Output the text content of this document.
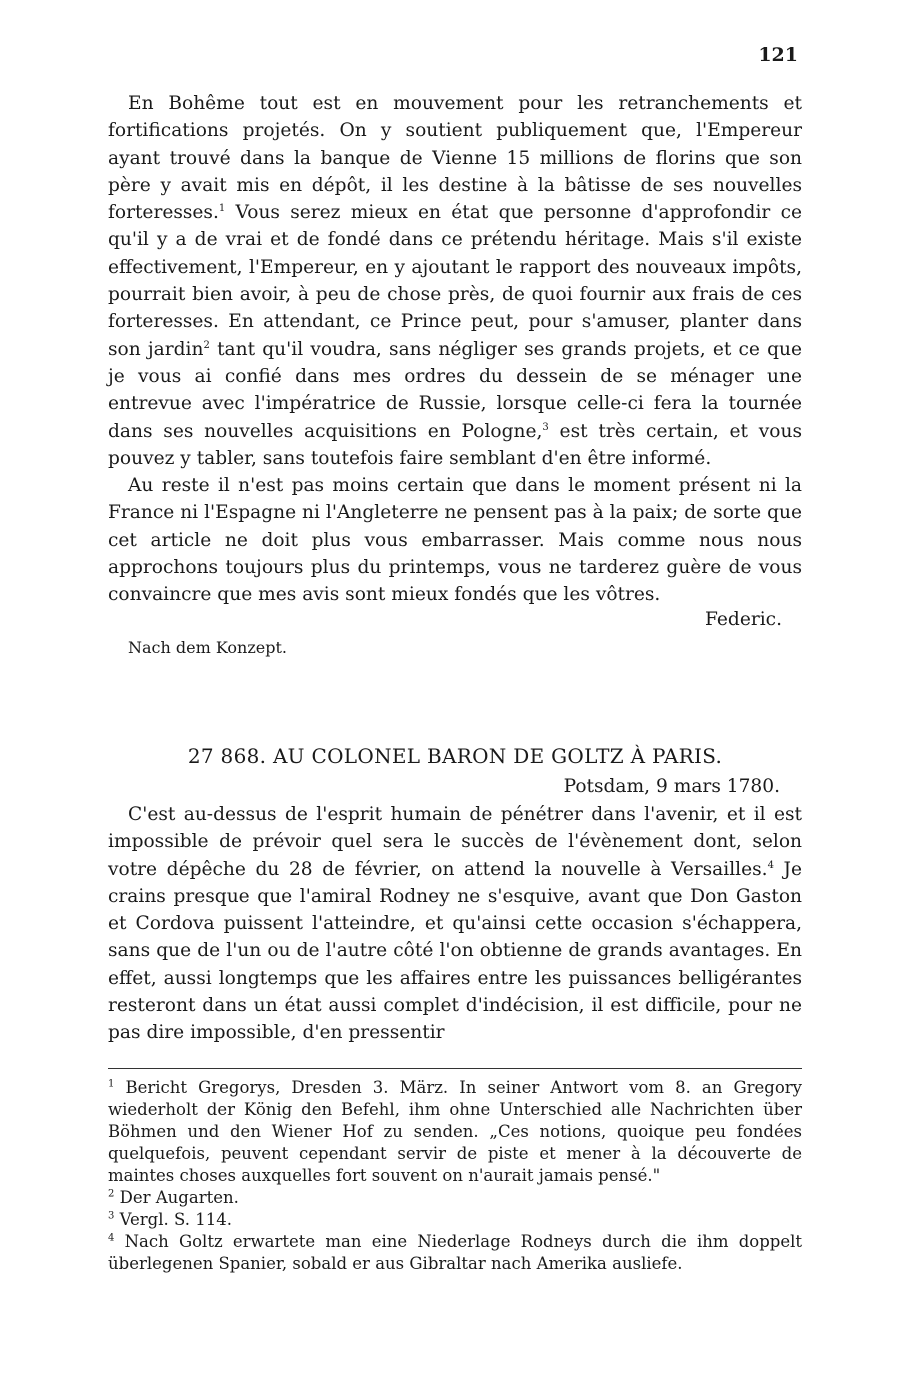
121

En Bohême tout est en mouvement pour les retranchements et fortifications projetés. On y soutient publiquement que, l'Empereur ayant trouvé dans la banque de Vienne 15 millions de florins que son père y avait mis en dépôt, il les destine à la bâtisse de ses nouvelles forteresses.$^1$ Vous serez mieux en état que personne d'approfondir ce qu'il y a de vrai et de fondé dans ce prétendu héritage. Mais s'il existe effectivement, l'Empereur, en y ajoutant le rapport des nouveaux impôts, pourrait bien avoir, à peu de chose près, de quoi fournir aux frais de ces forteresses. En attendant, ce Prince peut, pour s'amuser, planter dans son jardin$^2$ tant qu'il voudra, sans négliger ses grands projets, et ce que je vous ai confié dans mes ordres du dessein de se ménager une entrevue avec l'impératrice de Russie, lorsque celle-ci fera la tournée dans ses nouvelles acquisitions en Pologne,$^3$ est très certain, et vous pouvez y tabler, sans toutefois faire semblant d'en être informé.

Au reste il n'est pas moins certain que dans le moment présent ni la France ni l'Espagne ni l'Angleterre ne pensent pas à la paix; de sorte que cet article ne doit plus vous embarrasser. Mais comme nous nous approchons toujours plus du printemps, vous ne tarderez guère de vous convaincre que mes avis sont mieux fondés que les vôtres.

Federic.

Nach dem Konzept.

27 868. AU COLONEL BARON DE GOLTZ À PARIS.

Potsdam, 9 mars 1780.

C'est au-dessus de l'esprit humain de pénétrer dans l'avenir, et il est impossible de prévoir quel sera le succès de l'évènement dont, selon votre dépêche du 28 de février, on attend la nouvelle à Versailles.$^4$ Je crains presque que l'amiral Rodney ne s'esquive, avant que Don Gaston et Cordova puissent l'atteindre, et qu'ainsi cette occasion s'échappera, sans que de l'un ou de l'autre côté l'on obtienne de grands avantages. En effet, aussi longtemps que les affaires entre les puissances belligérantes resteront dans un état aussi complet d'indécision, il est difficile, pour ne pas dire impossible, d'en pressentir

$^1$ Bericht Gregorys, Dresden 3. März. In seiner Antwort vom 8. an Gregory wiederholt der König den Befehl, ihm ohne Unterschied alle Nachrichten über Böhmen und den Wiener Hof zu senden. „Ces notions, quoique peu fondées quelquefois, peuvent cependant servir de piste et mener à la découverte de maintes choses auxquelles fort souvent on n'aurait jamais pensé."

$^2$ Der Augarten.

$^3$ Vergl. S. 114.

$^4$ Nach Goltz erwartete man eine Niederlage Rodneys durch die ihm doppelt überlegenen Spanier, sobald er aus Gibraltar nach Amerika ausliefe.
